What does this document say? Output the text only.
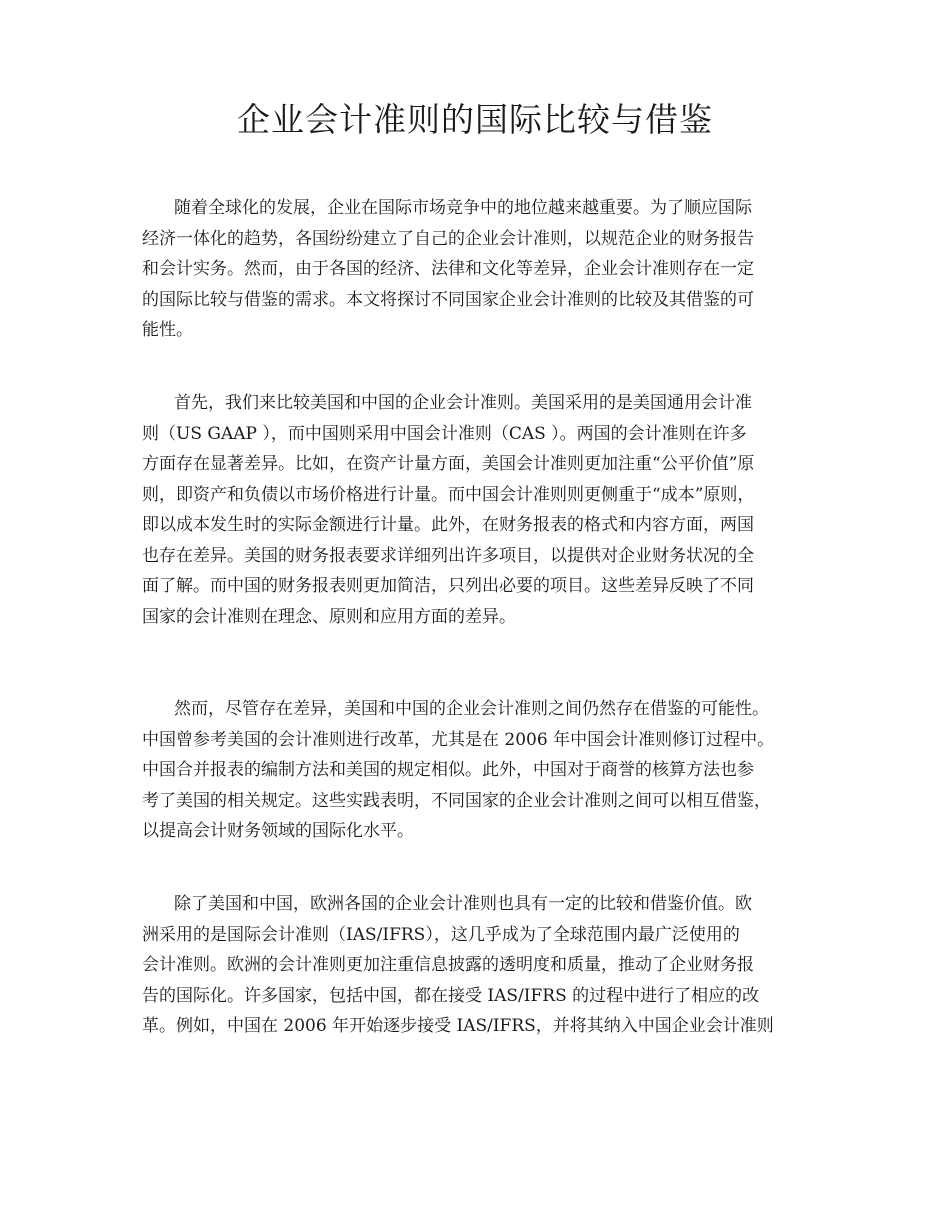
企业会计准则的国际比较与借鉴
随着全球化的发展，企业在国际市场竞争中的地位越来越重要。为了顺应国际
经济一体化的趋势，各国纷纷建立了自己的企业会计准则，以规范企业的财务报告
和会计实务。然而，由于各国的经济、法律和文化等差异，企业会计准则存在一定
的国际比较与借鉴的需求。本文将探讨不同国家企业会计准则的比较及其借鉴的可
能性。
首先，我们来比较美国和中国的企业会计准则。美国采用的是美国通用会计准
则（US GAAP ），而中国则采用中国会计准则（CAS ）。两国的会计准则在许多
方面存在显著差异。比如，在资产计量方面，美国会计准则更加注重“公平价值”原
则，即资产和负债以市场价格进行计量。而中国会计准则则更侧重于“成本”原则，
即以成本发生时的实际金额进行计量。此外，在财务报表的格式和内容方面，两国
也存在差异。美国的财务报表要求详细列出许多项目，以提供对企业财务状况的全
面了解。而中国的财务报表则更加简洁，只列出必要的项目。这些差异反映了不同
国家的会计准则在理念、原则和应用方面的差异。
然而，尽管存在差异，美国和中国的企业会计准则之间仍然存在借鉴的可能性。
中国曾参考美国的会计准则进行改革，尤其是在 2006 年中国会计准则修订过程中。
中国合并报表的编制方法和美国的规定相似。此外，中国对于商誉的核算方法也参
考了美国的相关规定。这些实践表明，不同国家的企业会计准则之间可以相互借鉴，
以提高会计财务领域的国际化水平。
除了美国和中国，欧洲各国的企业会计准则也具有一定的比较和借鉴价值。欧
洲采用的是国际会计准则（IAS/IFRS），这几乎成为了全球范围内最广泛使用的
会计准则。欧洲的会计准则更加注重信息披露的透明度和质量，推动了企业财务报
告的国际化。许多国家，包括中国，都在接受 IAS/IFRS 的过程中进行了相应的改
革。例如，中国在 2006 年开始逐步接受 IAS/IFRS，并将其纳入中国企业会计准则
